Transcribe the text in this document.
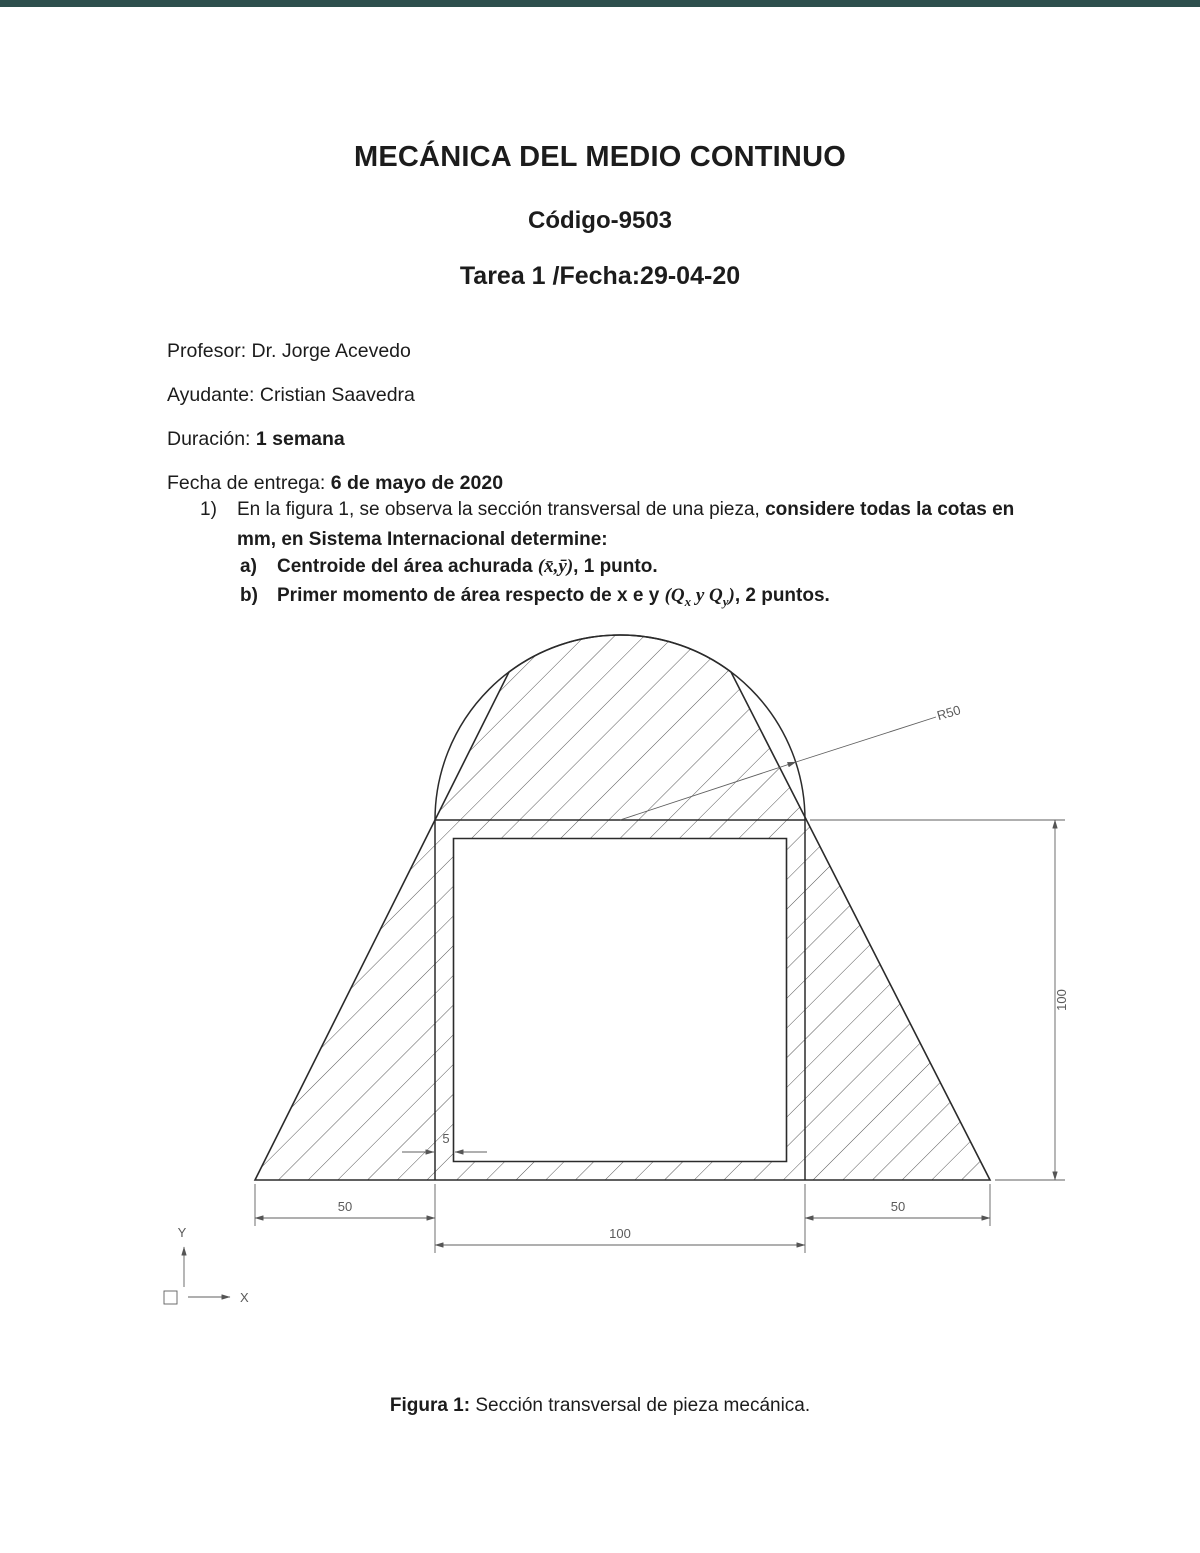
MECÁNICA DEL MEDIO CONTINUO
Código-9503
Tarea 1 /Fecha:29-04-20

Profesor: Dr. Jorge Acevedo

Ayudante: Cristian Saavedra

Duración: 1 semana

Fecha de entrega: 6 de mayo de 2020

1)	En la figura 1, se observa la sección transversal de una pieza, considere todas la cotas en mm, en Sistema Internacional determine:
a)	Centroide del área achurada (x̄,ȳ), 1 punto.
b)	Primer momento de área respecto de x e y ($Q_x$ y $Q_y$), 2 puntos.
50
100
50
100
5
R50
Y
X
Figura 1: Sección transversal de pieza mecánica.
